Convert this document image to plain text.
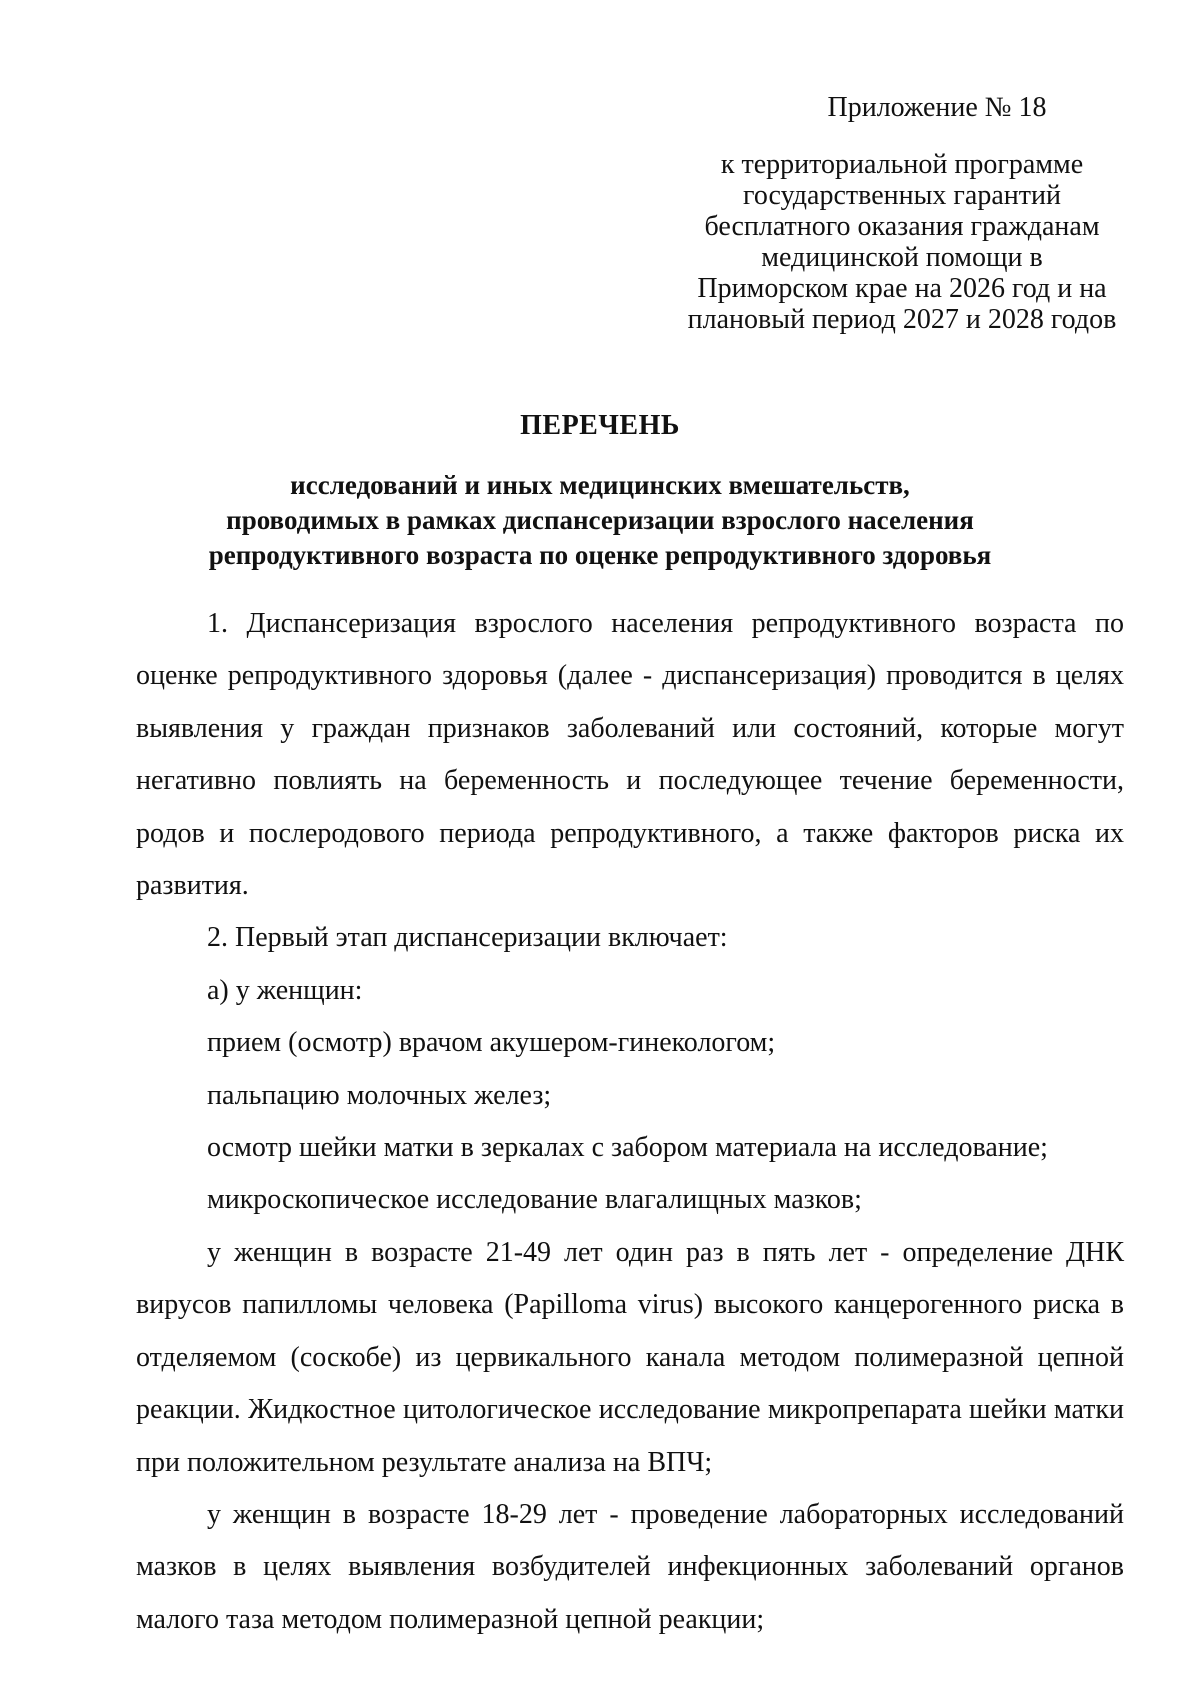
Приложение № 18
к территориальной программе
государственных гарантий
бесплатного оказания гражданам
медицинской помощи в
Приморском крае на 2026 год и на
плановый период 2027 и 2028 годов
ПЕРЕЧЕНЬ
исследований и иных медицинских вмешательств,
проводимых в рамках диспансеризации взрослого населения
репродуктивного возраста по оценке репродуктивного здоровья

1. Диспансеризация взрослого населения репродуктивного возраста по оценке репродуктивного здоровья (далее - диспансеризация) проводится в целях выявления у граждан признаков заболеваний или состояний, которые могут негативно повлиять на беременность и последующее течение беременности, родов и послеродового периода репродуктивного, а также факторов риска их развития.

2. Первый этап диспансеризации включает:

а) у женщин:

прием (осмотр) врачом акушером-гинекологом;

пальпацию молочных желез;

осмотр шейки матки в зеркалах с забором материала на исследование;

микроскопическое исследование влагалищных мазков;

у женщин в возрасте 21-49 лет один раз в пять лет - определение ДНК вирусов папилломы человека (Papilloma virus) высокого канцерогенного риска в отделяемом (соскобе) из цервикального канала методом полимеразной цепной реакции. Жидкостное цитологическое исследование микропрепарата шейки матки при положительном результате анализа на ВПЧ;

у женщин в возрасте 18-29 лет - проведение лабораторных исследований мазков в целях выявления возбудителей инфекционных заболеваний органов малого таза методом полимеразной цепной реакции;
